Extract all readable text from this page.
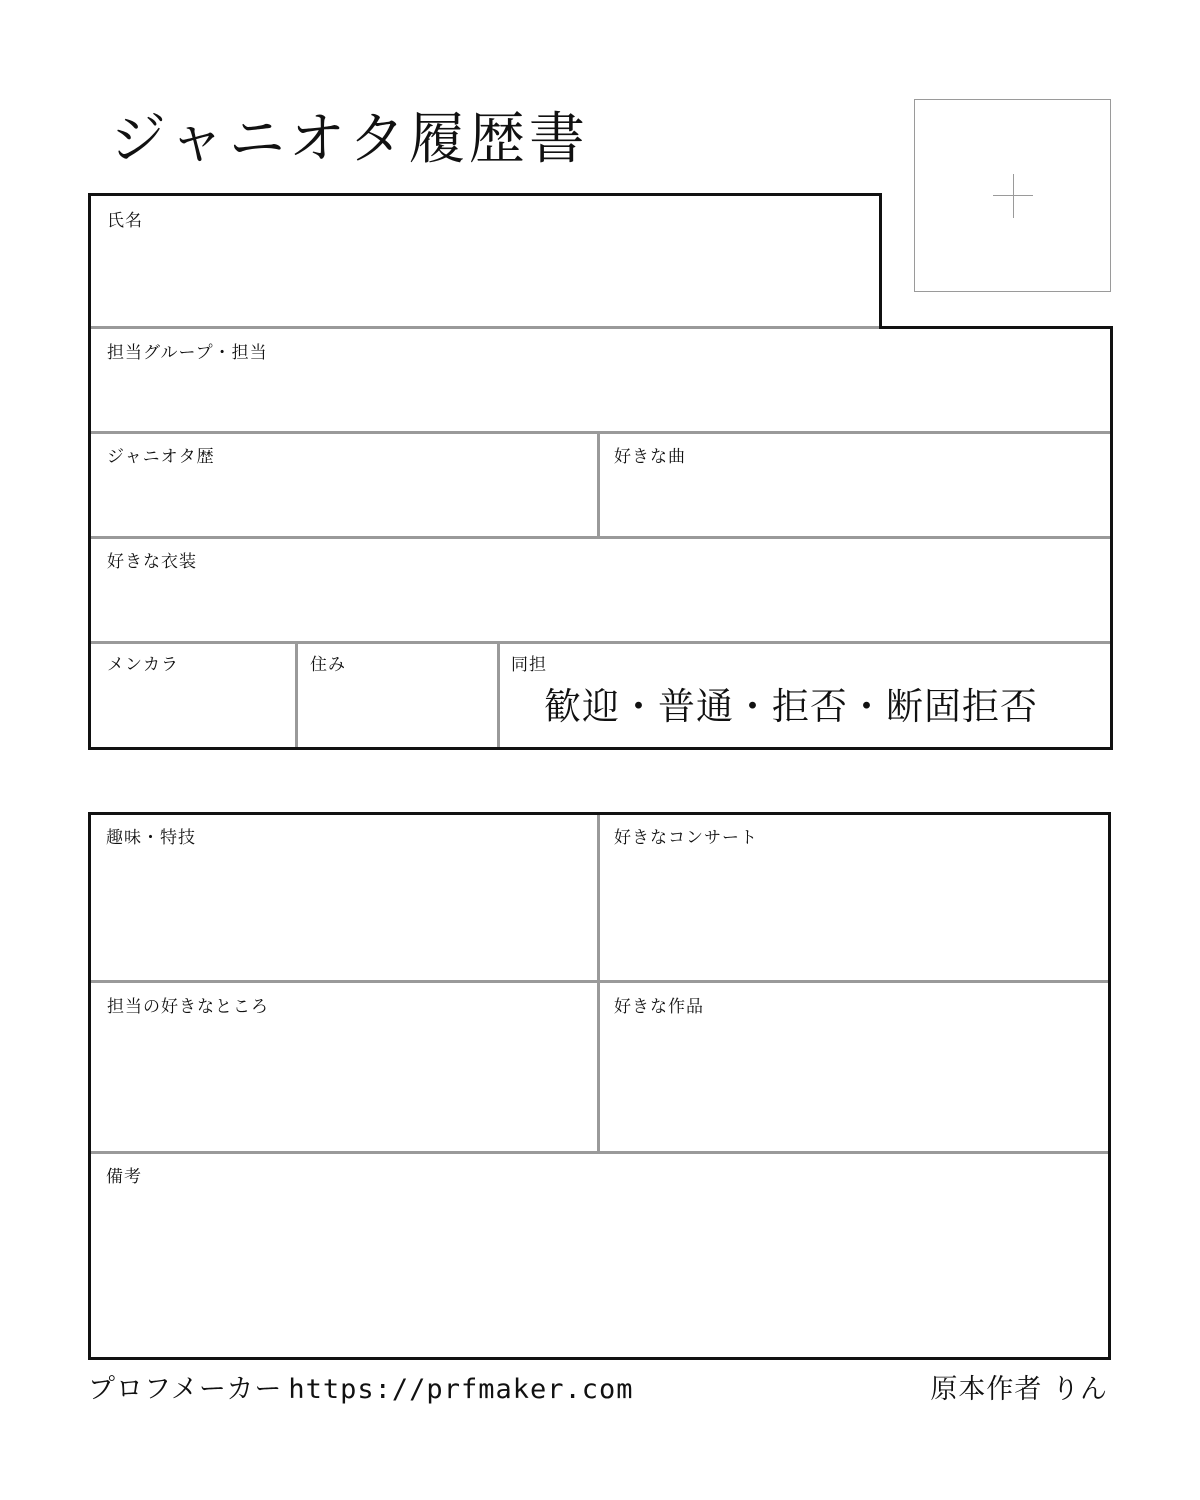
ジャニオタ履歴書
氏名
担当グループ・担当
ジャニオタ歴	好きな曲
好きな衣装
メンカラ	住み	同担
歓迎・普通・拒否・断固拒否
趣味・特技	好きなコンサート
担当の好きなところ	好きな作品
備考
プロフメーカー https://prfmaker.com	原本作者 りん
